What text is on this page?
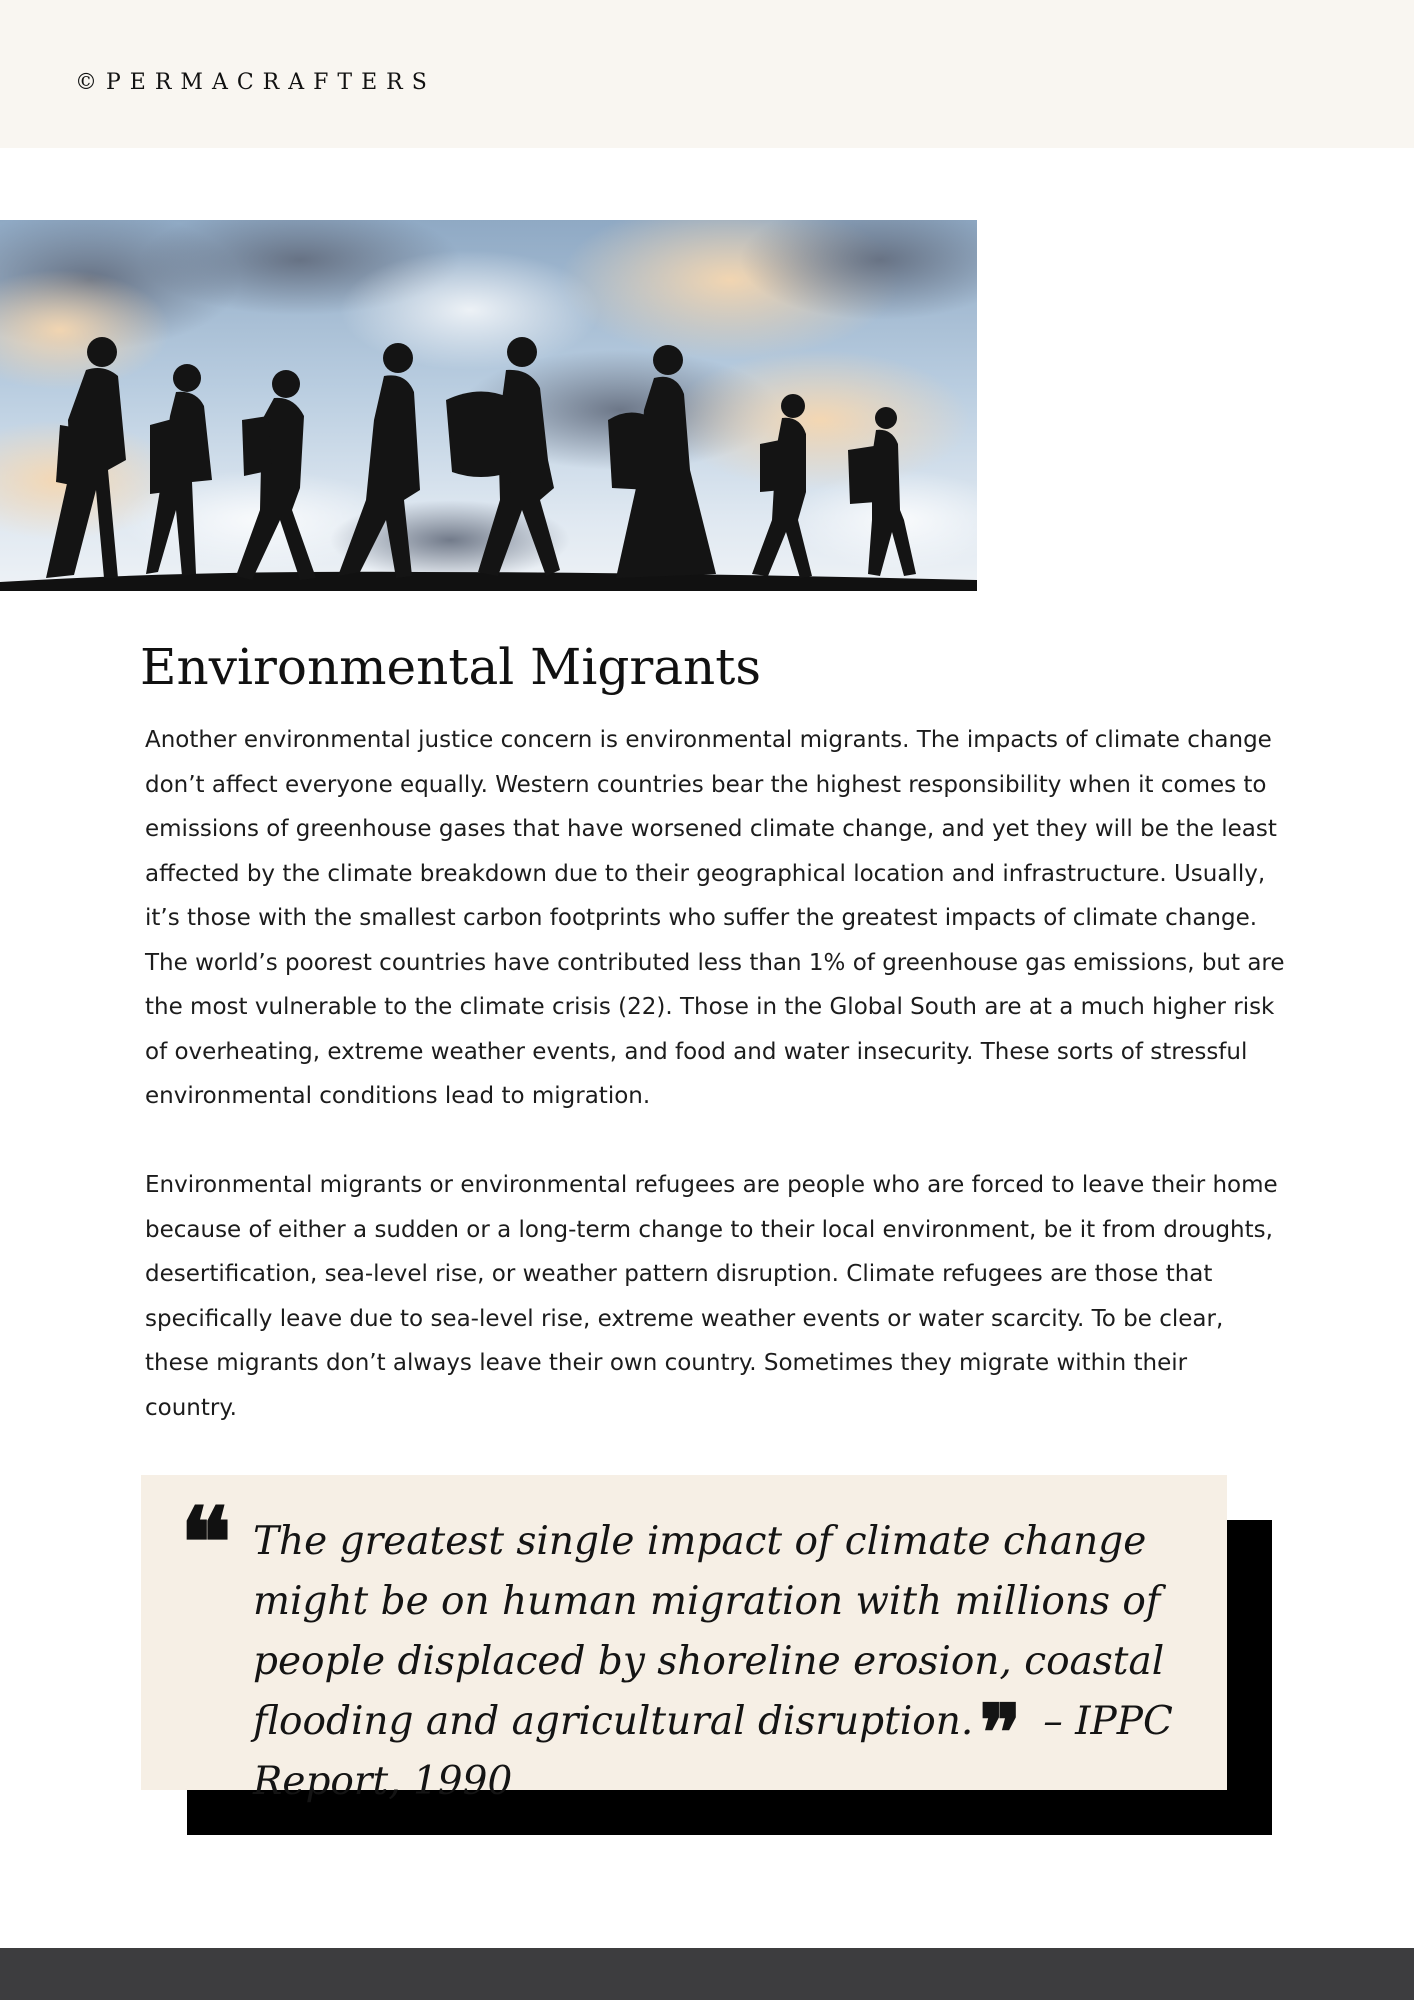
©PERMACRAFTERS
Environmental Migrants

Another environmental justice concern is environmental migrants. The impacts of climate change don’t affect everyone equally. Western countries bear the highest responsibility when it comes to emissions of greenhouse gases that have worsened climate change, and yet they will be the least affected by the climate breakdown due to their geographical location and infrastructure. Usually, it’s those with the smallest carbon footprints who suffer the greatest impacts of climate change. The world’s poorest countries have contributed less than 1% of greenhouse gas emissions, but are the most vulnerable to the climate crisis (22). Those in the Global South are at a much higher risk of overheating, extreme weather events, and food and water insecurity. These sorts of stressful environmental conditions lead to migration.

Environmental migrants or environmental refugees are people who are forced to leave their home because of either a sudden or a long-term change to their local environment, be it from droughts, desertification, sea-level rise, or weather pattern disruption. Climate refugees are those that specifically leave due to sea-level rise, extreme weather events or water scarcity. To be clear, these migrants don’t always leave their own country. Sometimes they migrate within their country.

❝ The greatest single impact of climate change might be on human migration with millions of people displaced by shoreline erosion, coastal flooding and agricultural disruption.❞ – IPPC Report, 1990
